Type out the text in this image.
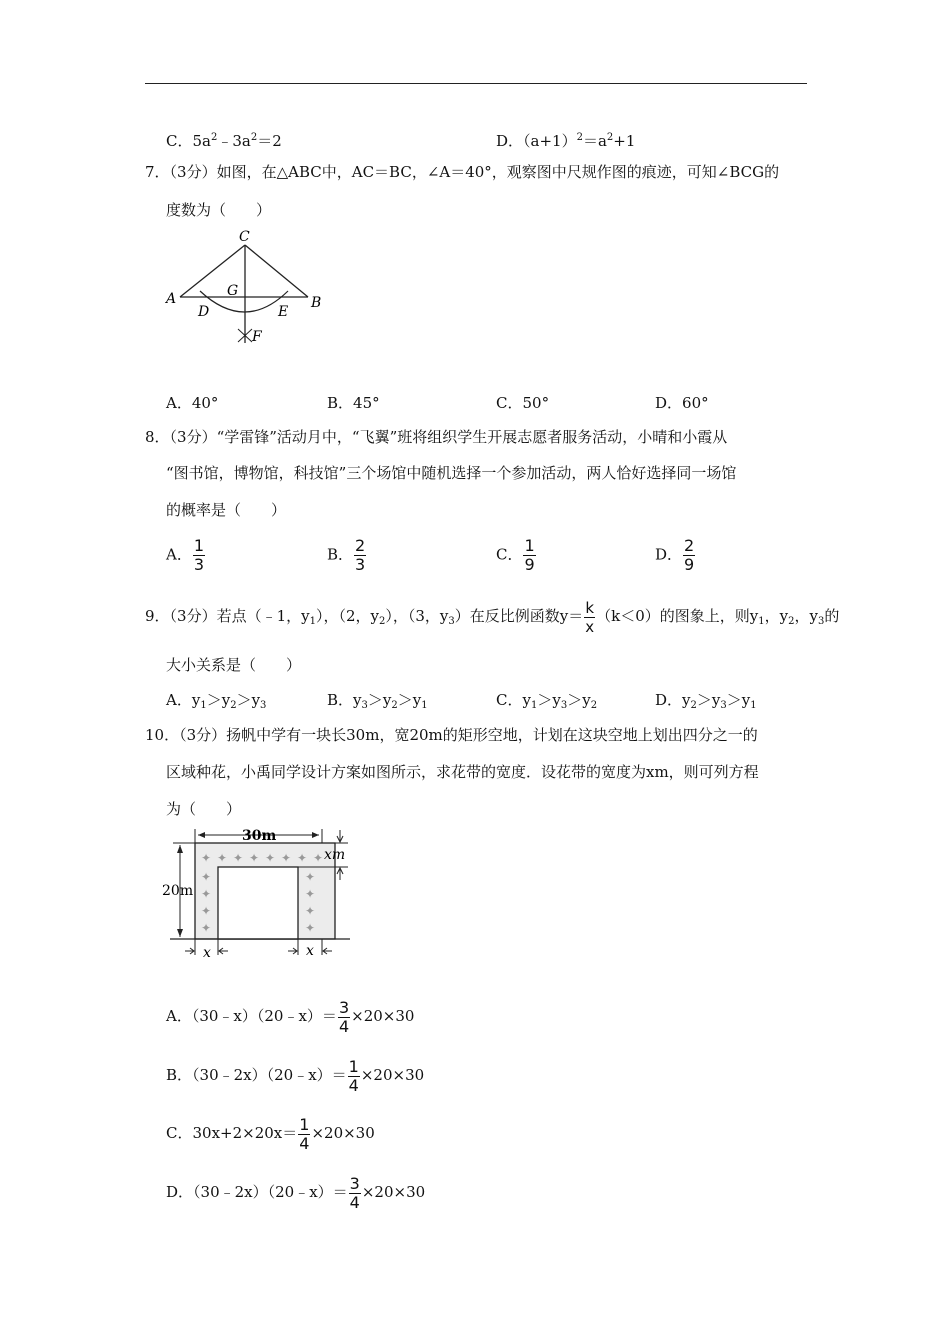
C．$5a^2﹣3a^2=2$	D．$(a+1)^2=a^2+1$
7．（3分）如图，在△ABC中，AC＝BC，∠A＝40°，观察图中尺规作图的痕迹，可知∠BCG的
度数为（　　）
C
A	B
G
D	E
F
A．40°	B．45°	C．50°	D．60°
8．（3分）“学雷锋”活动月中，“飞翼”班将组织学生开展志愿者服务活动，小晴和小霞从
“图书馆，博物馆，科技馆”三个场馆中随机选择一个参加活动，两人恰好选择同一场馆
的概率是（　　）
A． $\frac{1}{3}$	B． $\frac{2}{3}$	C． $\frac{1}{9}$	D． $\frac{2}{9}$
9．（3分）若点（﹣1，$y_1$），（2，$y_2$），（3，$y_3$）在反比例函数$y= \frac{k}{x} (k<0)$的图象上，则$y_1$，$y_2$，$y_3$的
大小关系是（　　）
A．$y_1>y_2>y_3$	B．$y_3>y_2>y_1$	C．$y_1>y_3>y_2$	D．$y_2>y_3>y_1$
10．（3分）扬帆中学有一块长30m，宽20m的矩形空地，计划在这块空地上划出四分之一的
区域种花，小禹同学设计方案如图所示，求花带的宽度．设花带的宽度为xm，则可列方程
为（　　）
✦ ✦ ✦ ✦ ✦ ✦ ✦ ✦
✦
✦
✦
✦
✦
✦
✦
✦
30m
20m
xm
x	x
A．（30﹣x）（20﹣x）＝ $\frac{3}{4} \times 20\times 30$
B．（30﹣2x）（20﹣x）＝ $\frac{1}{4} \times 20\times 30$
C．$30x+2\times 20x= \frac{1}{4} \times 20\times 30$
D．（30﹣2x）（20﹣x）＝ $\frac{3}{4} \times 20\times 30$
